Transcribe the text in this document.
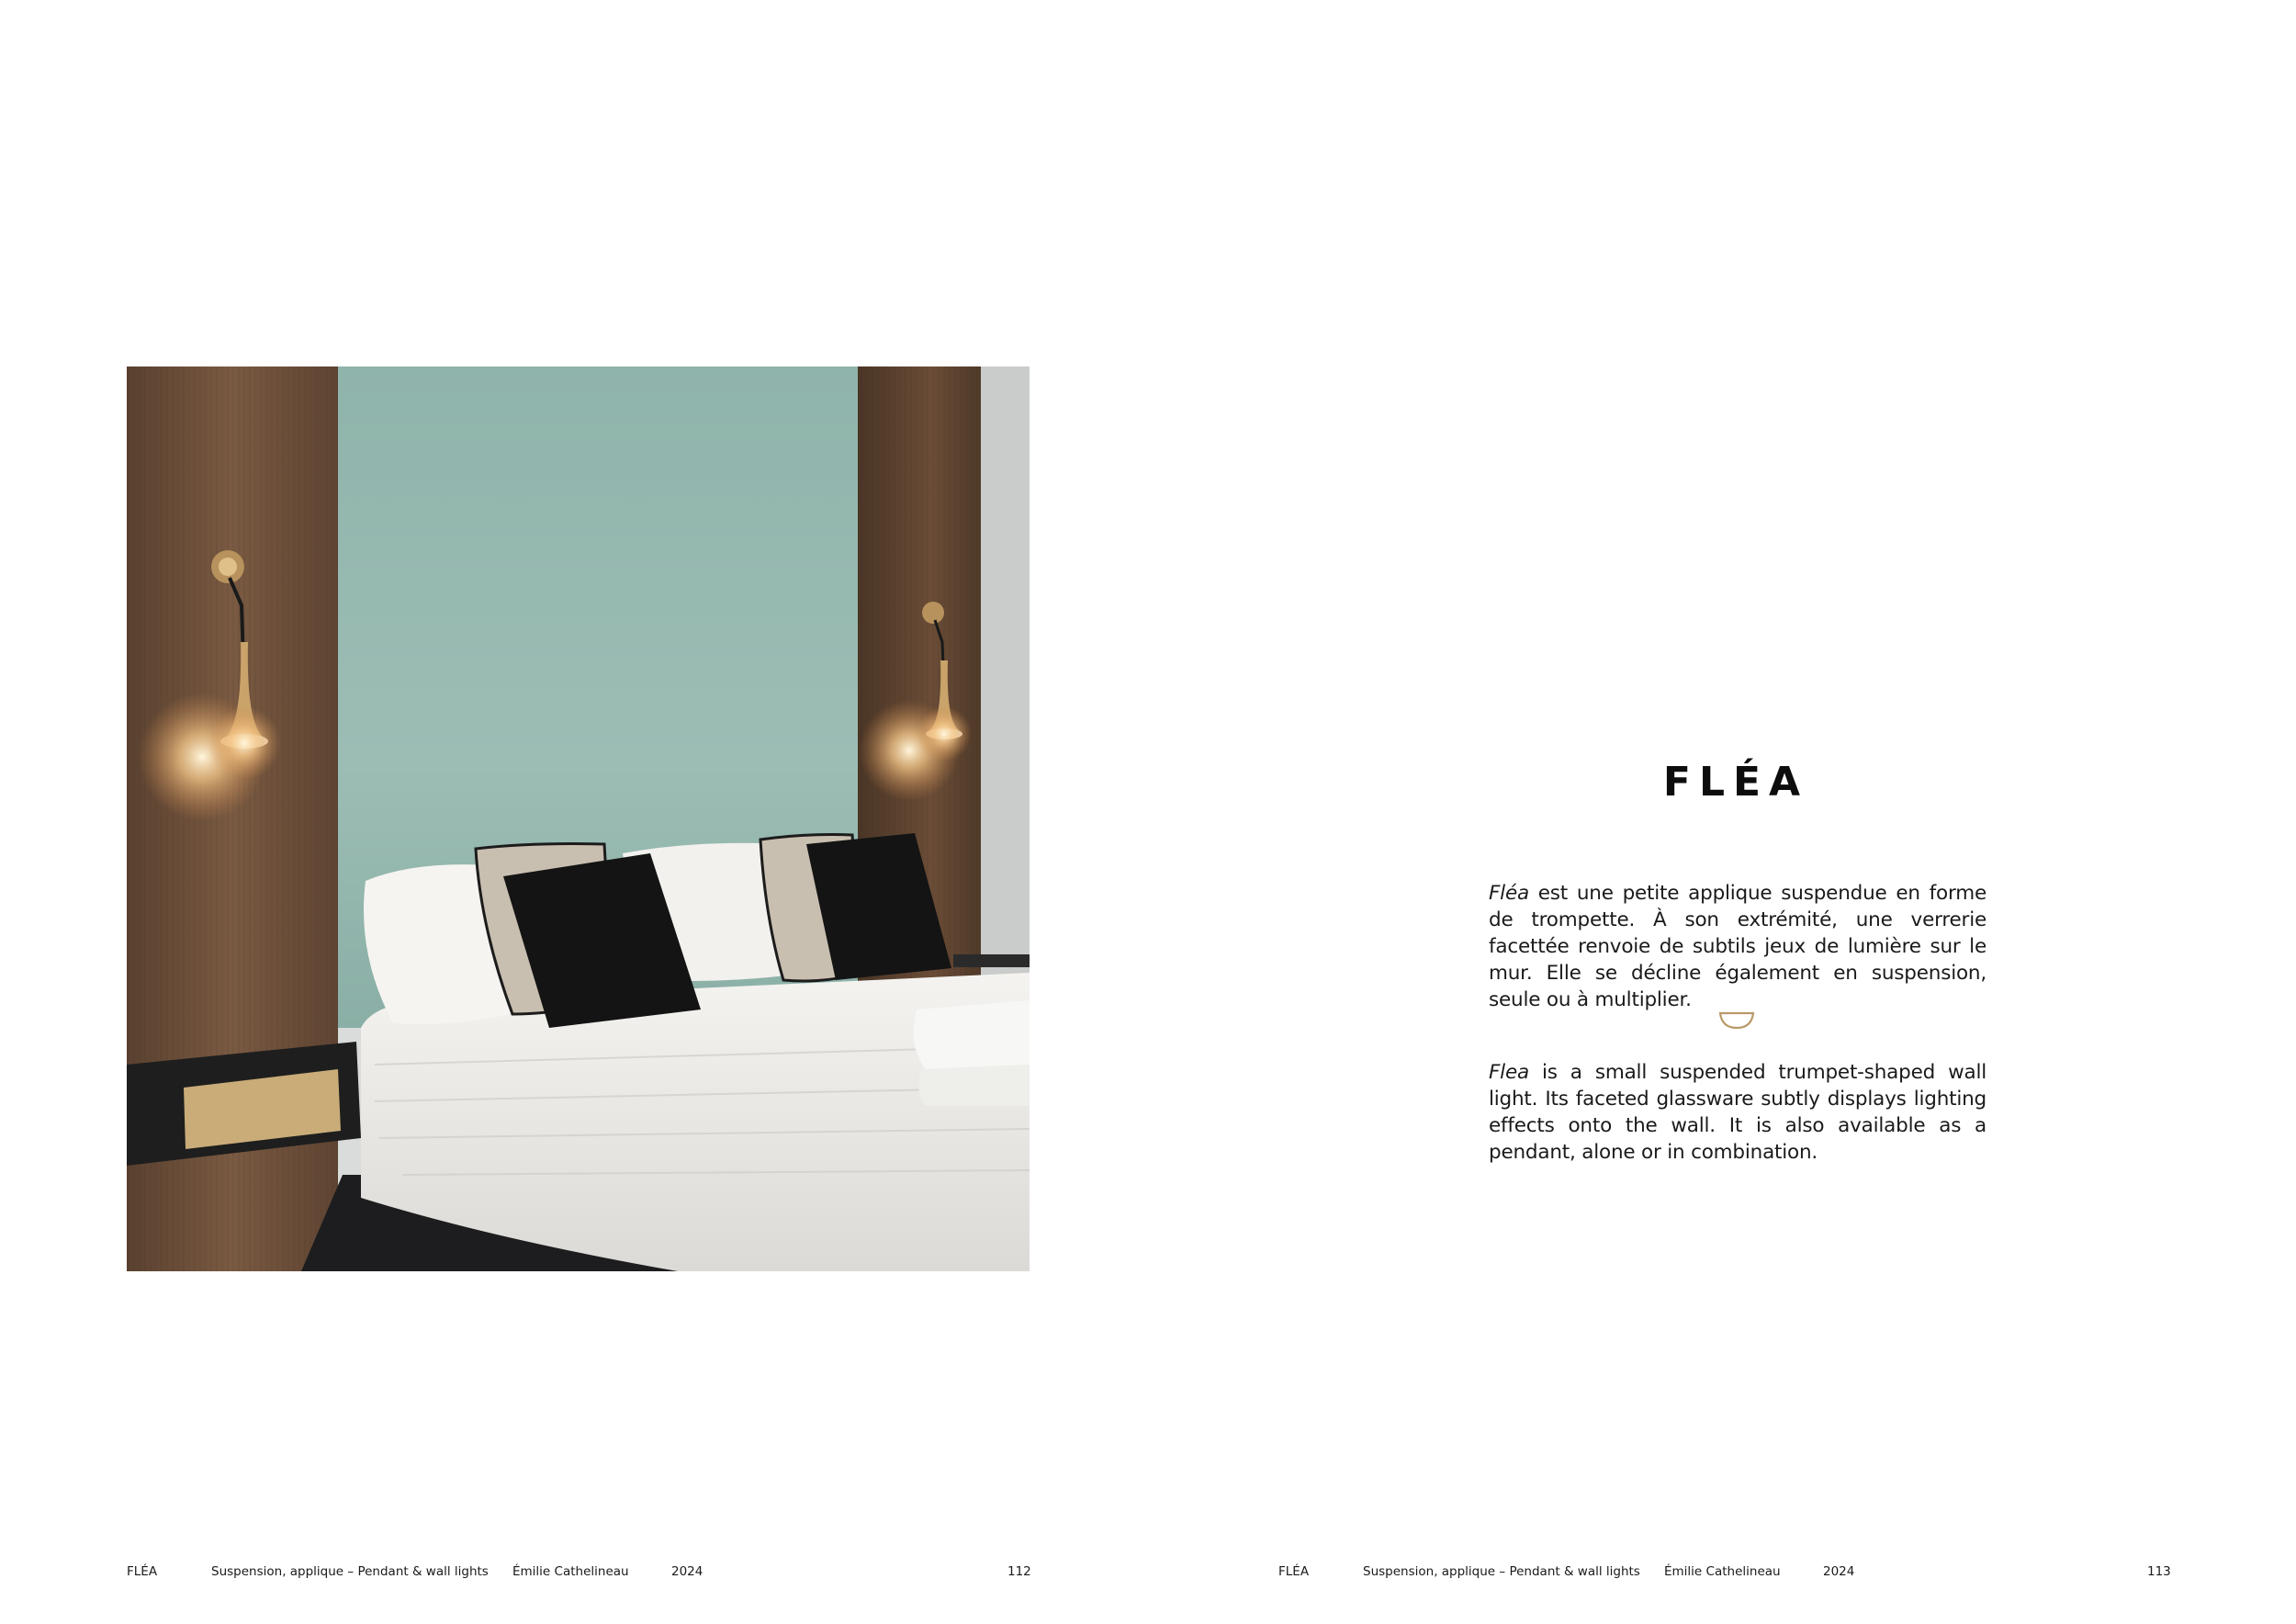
FLÉA
Fléa est une petite applique suspendue en forme de trompette. À son extrémité, une verrerie facettée renvoie de subtils jeux de lumière sur le mur. Elle se décline également en suspension, seule ou à multiplier.
Flea is a small suspended trumpet-shaped wall light. Its faceted glassware subtly displays lighting effects onto the wall. It is also available as a pendant, alone or in combination.
FLÉA	Suspension, applique – Pendant & wall lights Émilie Cathelineau	2024	112	FLÉA	Suspension, applique – Pendant & wall lights Émilie Cathelineau	2024	113
